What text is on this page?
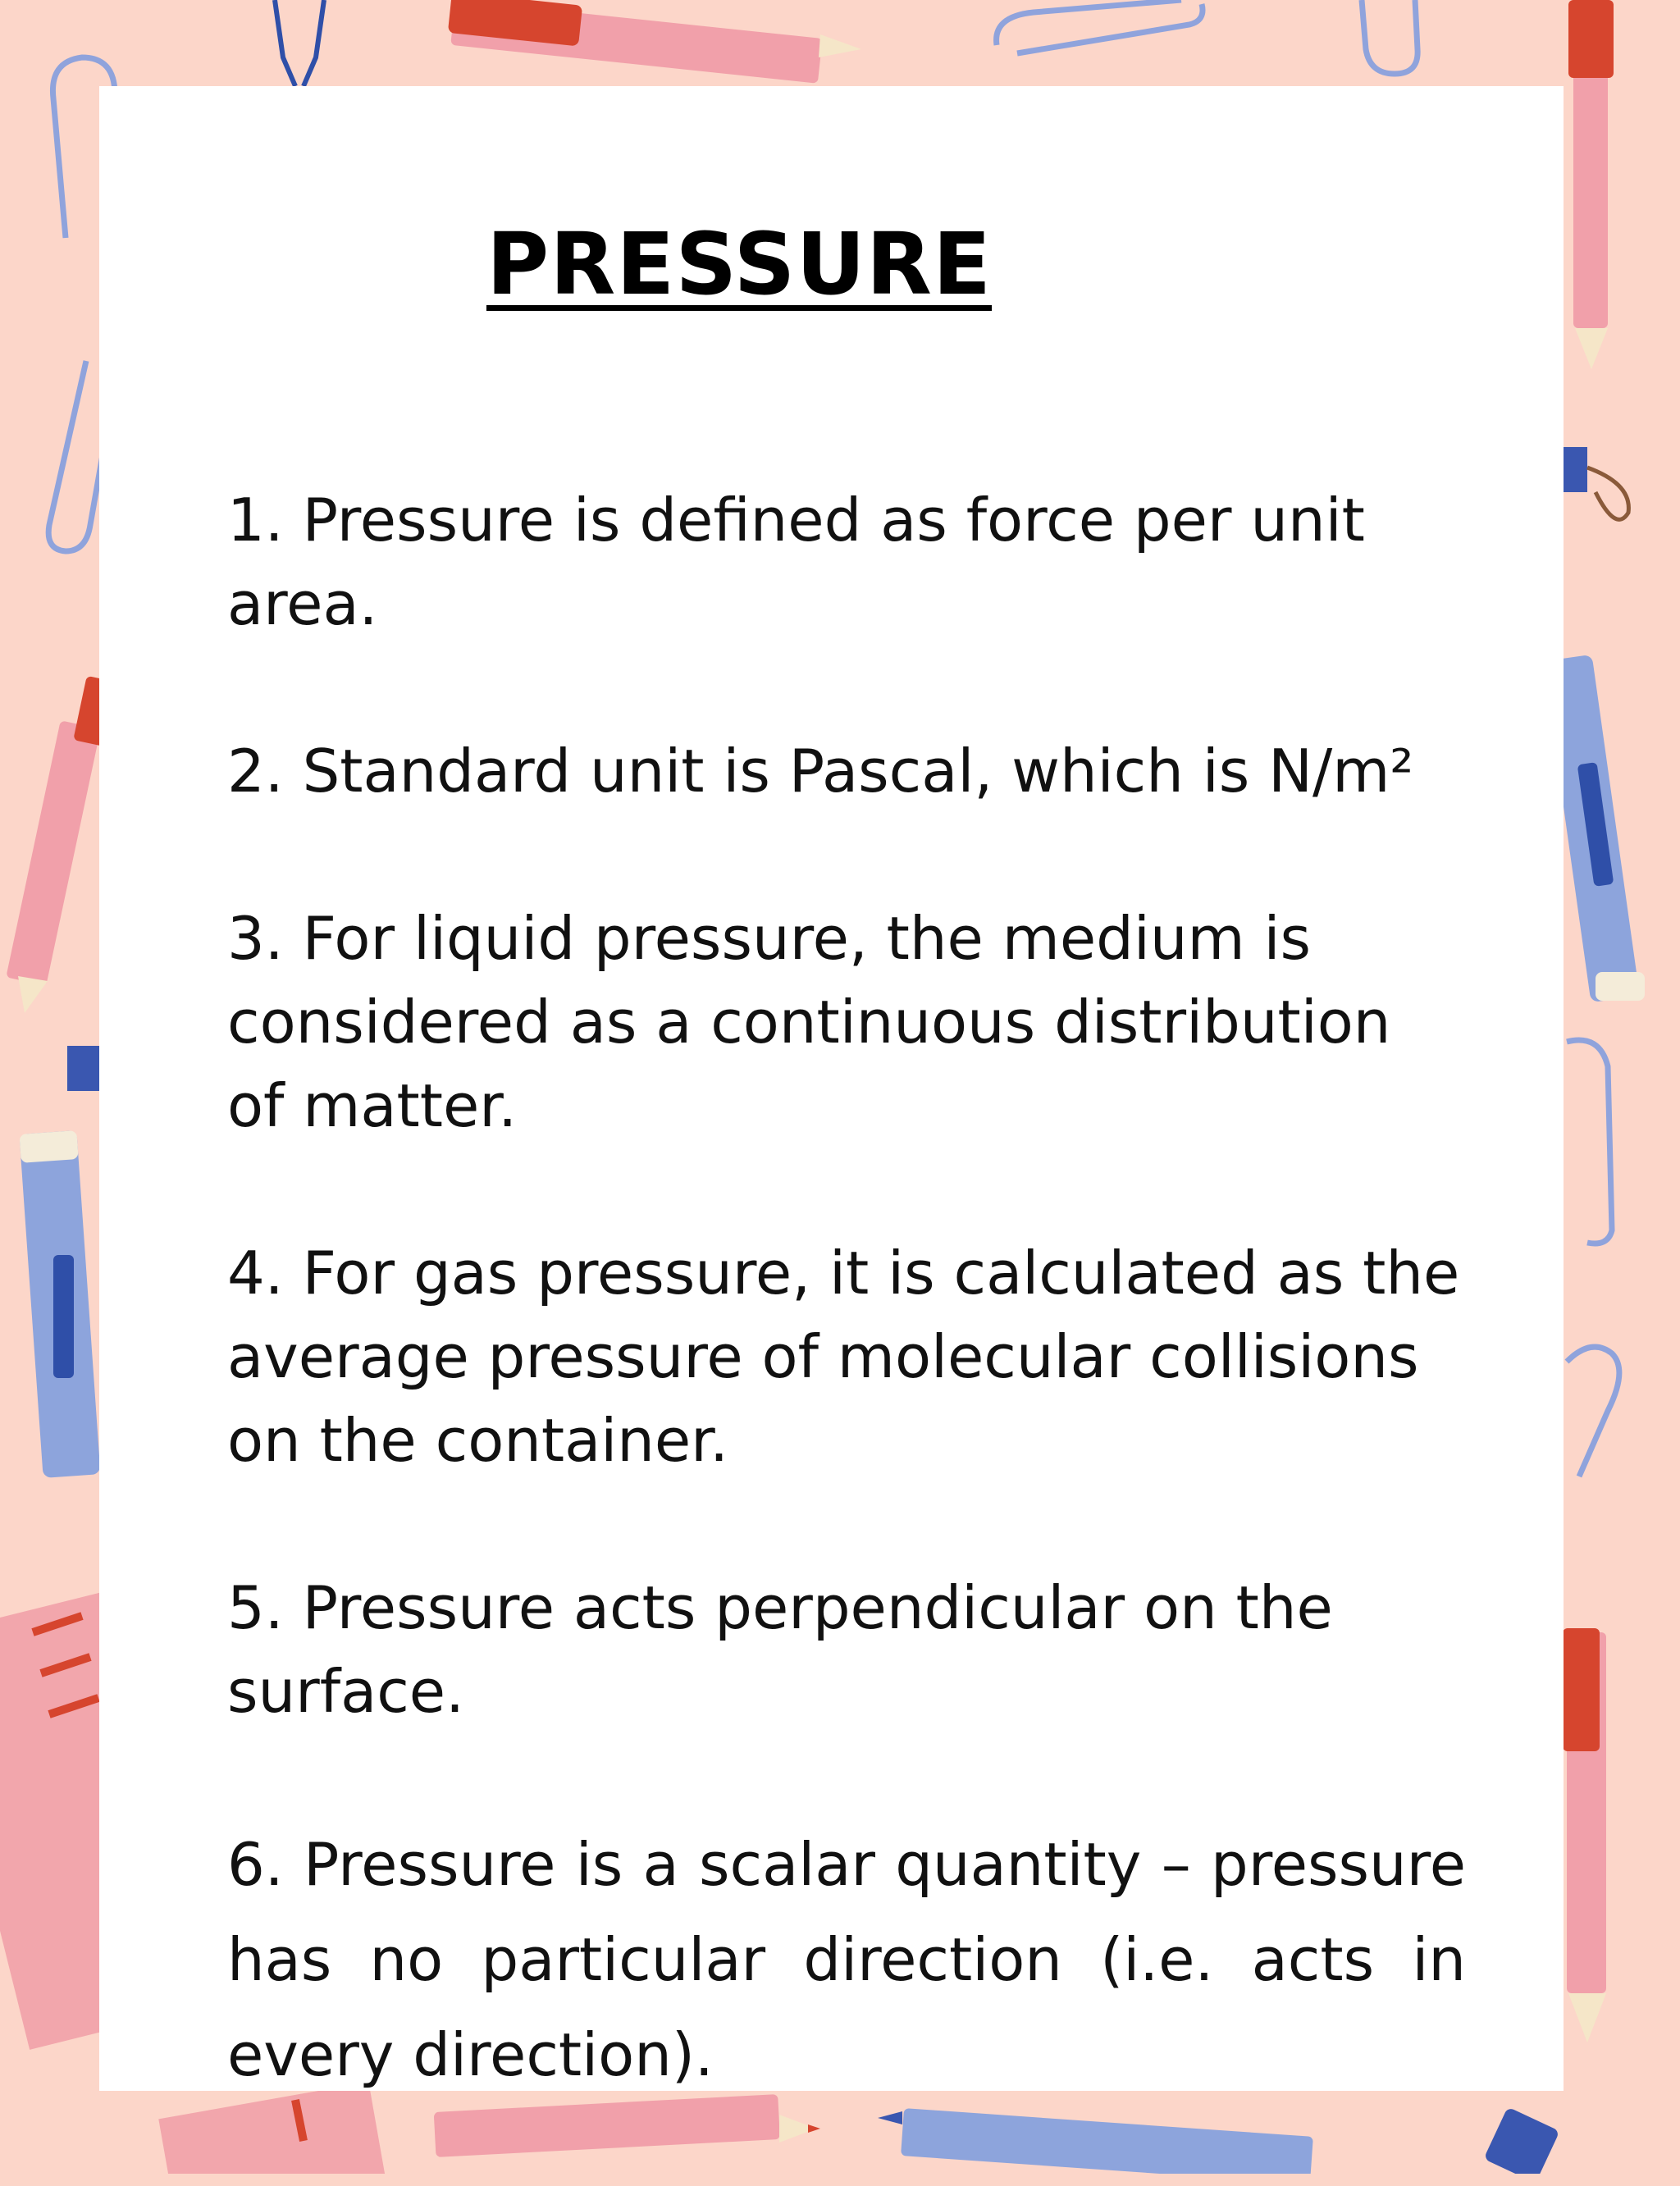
PRESSURE

1. Pressure is defined as force per unit area.

2. Standard unit is Pascal, which is N/m²

3. For liquid pressure, the medium is considered as a continuous distribution of matter.

4. For gas pressure, it is calculated as the average pressure of molecular collisions on the container.

5. Pressure acts perpendicular on the surface.

6. Pressure is a scalar quantity – pressure has no particular direction (i.e. acts in every direction).
